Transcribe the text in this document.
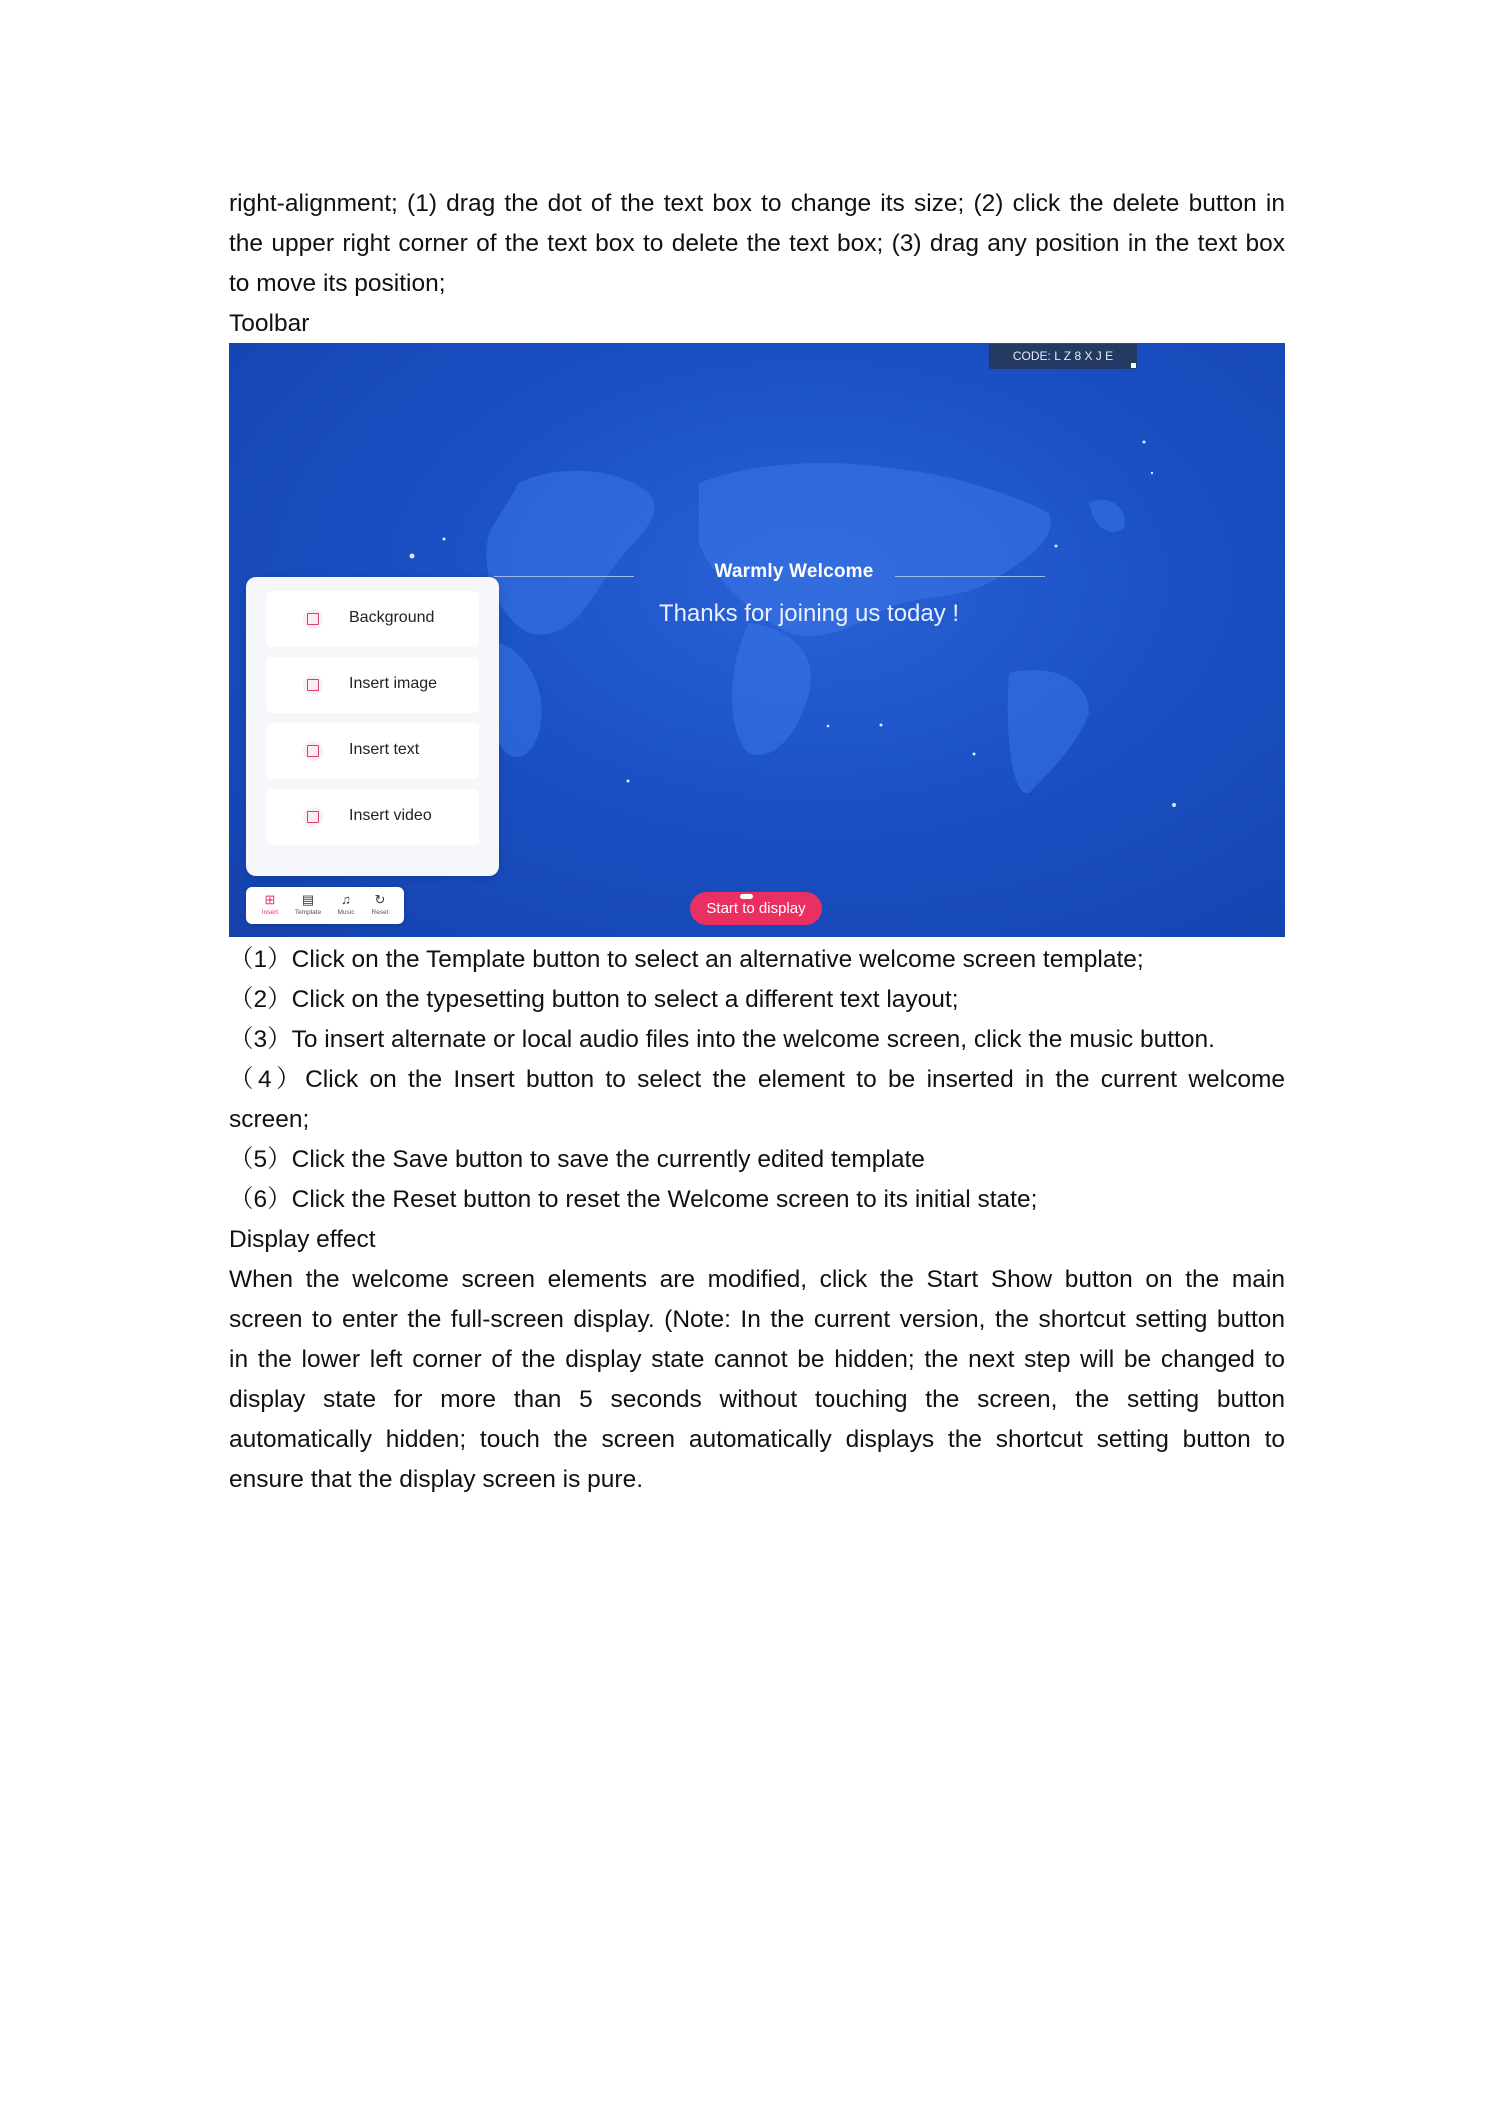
right-alignment; (1) drag the dot of the text box to change its size; (2) click the delete button in
the upper right corner of the text box to delete the text box; (3) drag any position in the text box
to move its position;
Toolbar
CODE: L Z 8 X J E
Warmly Welcome
Thanks for joining us today !
Background
Insert image
Insert text
Insert video
⊞
Insert
▤
Template
♫
Music
↻
Reset	Start to display
（1）Click on the Template button to select an alternative welcome screen template;
（2）Click on the typesetting button to select a different text layout;
（3）To insert alternate or local audio files into the welcome screen, click the music button.
（4）Click on the Insert button to select the element to be inserted in the current welcome
screen;
（5）Click the Save button to save the currently edited template
（6）Click the Reset button to reset the Welcome screen to its initial state;
Display effect
When the welcome screen elements are modified, click the Start Show button on the main
screen to enter the full-screen display. (Note: In the current version, the shortcut setting button
in the lower left corner of the display state cannot be hidden; the next step will be changed to
display state for more than 5 seconds without touching the screen, the setting button
automatically hidden; touch the screen automatically displays the shortcut setting button to
ensure that the display screen is pure.
